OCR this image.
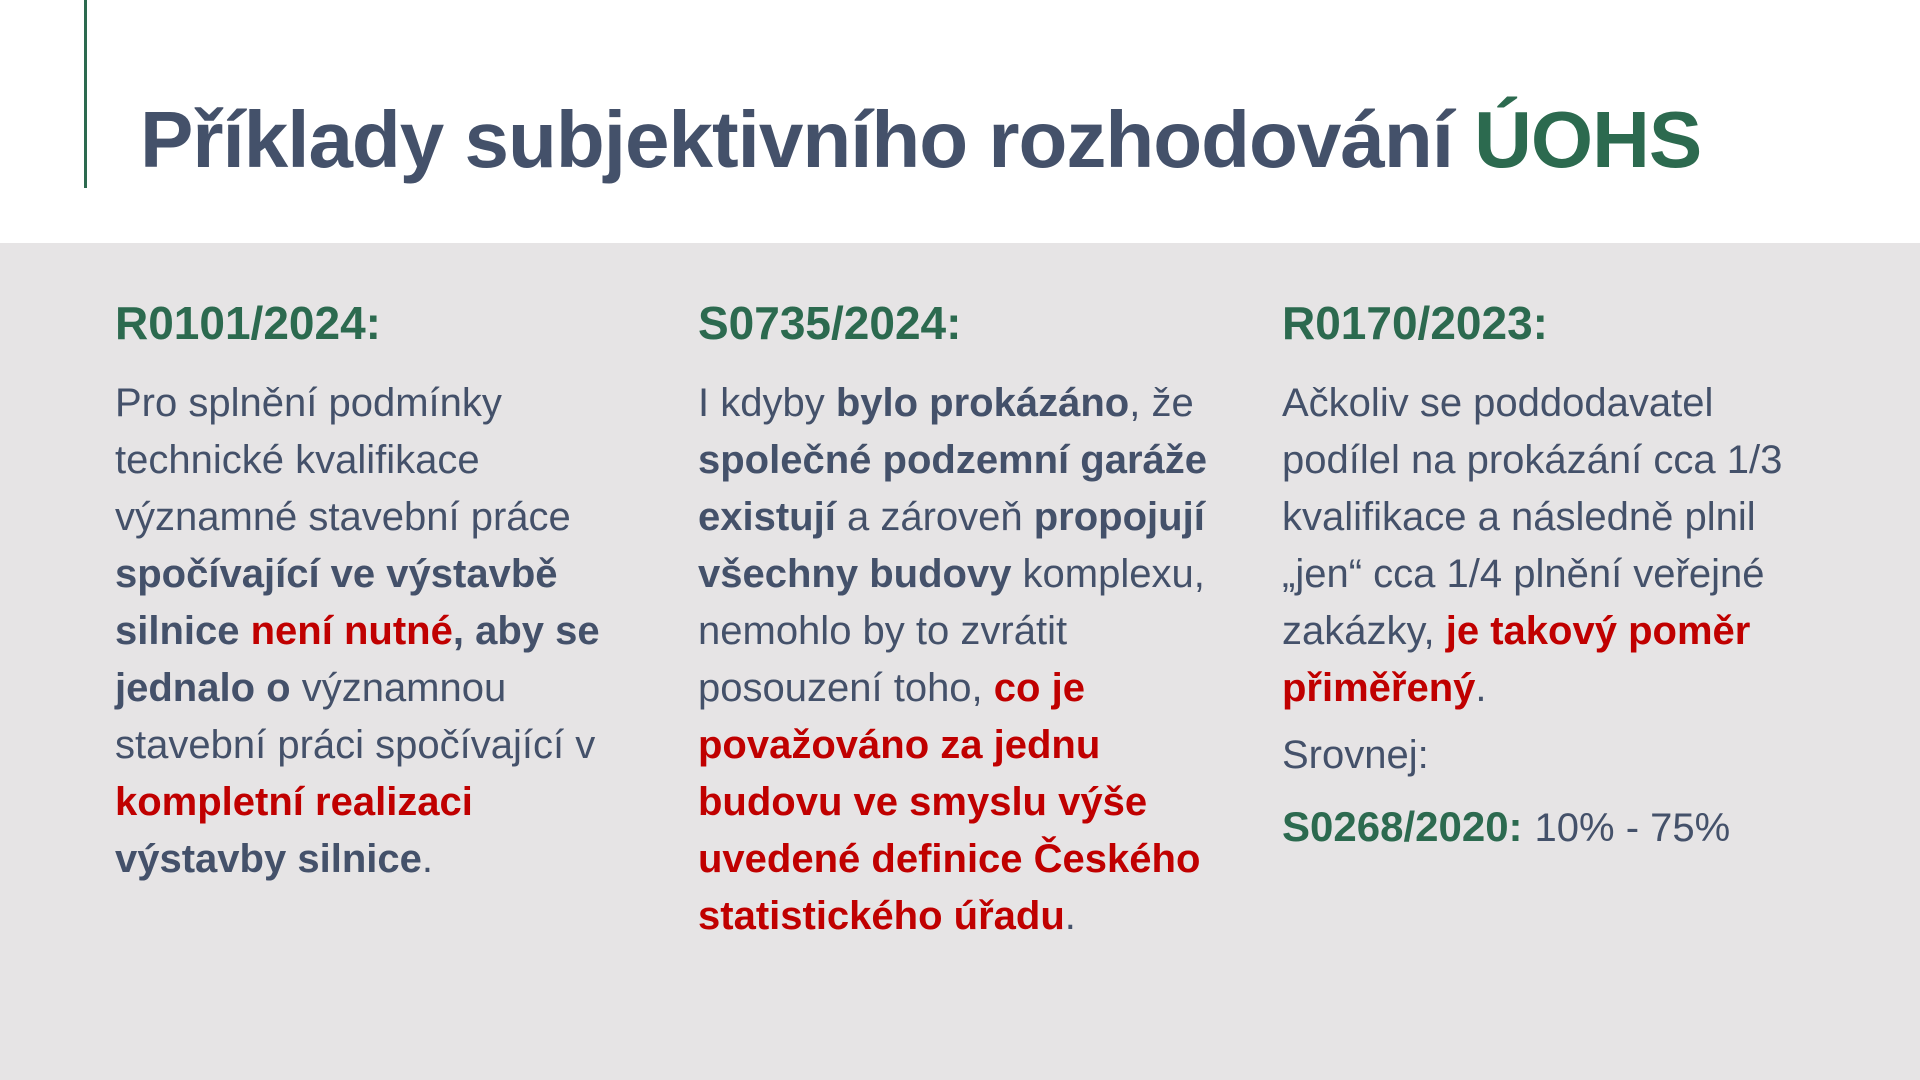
Příklady subjektivního rozhodování ÚOHS

R0101/2024:

Pro splnění podmínky technické kvalifikace významné stavební práce spočívající ve výstavbě silnice není nutné, aby se jednalo o významnou stavební práci spočívající v kompletní realizaci výstavby silnice.

S0735/2024:

I kdyby bylo prokázáno, že společné podzemní garáže existují a zároveň propojují všechny budovy komplexu, nemohlo by to zvrátit posouzení toho, co je považováno za jednu budovu ve smyslu výše uvedené definice Českého statistického úřadu.

R0170/2023:

Ačkoliv se poddodavatel podílel na prokázání cca 1/3 kvalifikace a následně plnil „jen“ cca 1/4 plnění veřejné zakázky, je takový poměr přiměřený.

Srovnej:

S0268/2020: 10% - 75%
